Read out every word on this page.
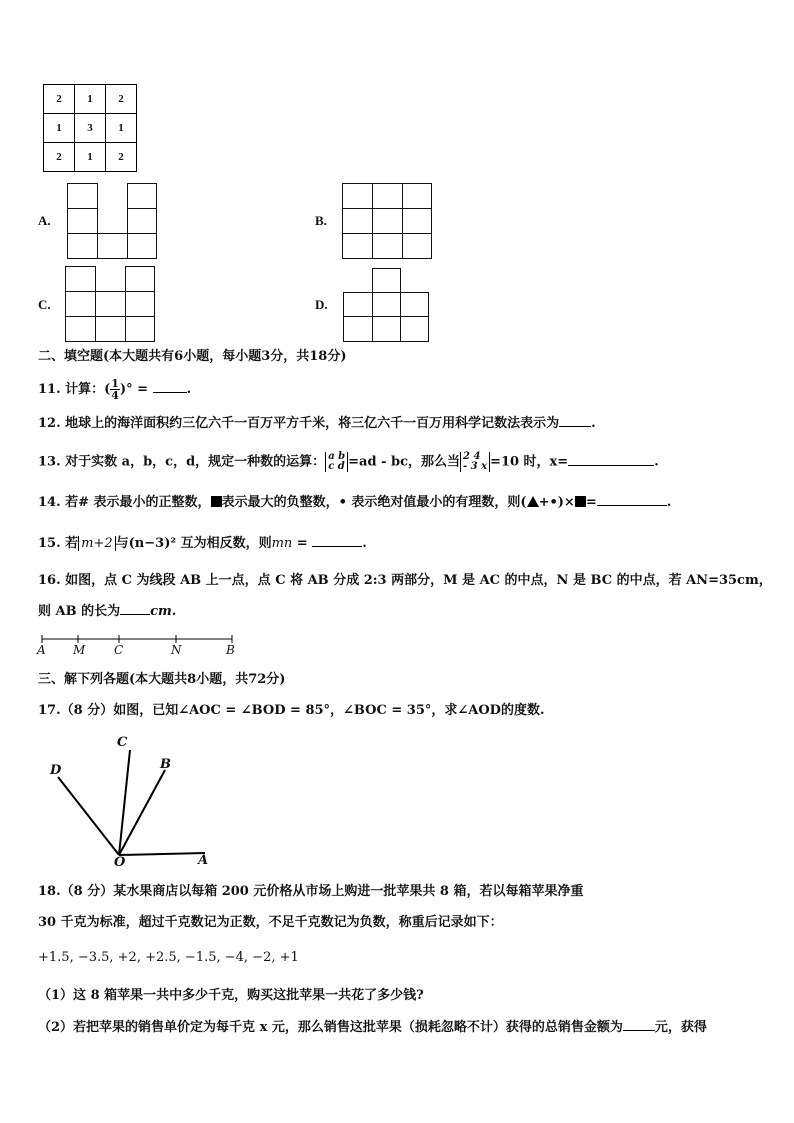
2	1	2
1	3	1
2	1	2
A.	B.
C.	D.
二、填空题(本大题共有6小题，每小题3分，共18分)
11. 计算：( $\frac{1}{4}$ )° =	.
12. 地球上的海洋面积约三亿六千一百万平方千米，将三亿六千一百万用科学记数法表示为 .
13. 对于实数 a，b，c，d，规定一种数的运算： a b
c d =ad - bc，那么当 2 4
- 3 x =10 时，x=	.
14. 若# 表示最小的正整数， 表示最大的负整数，• 表示绝对值最小的有理数，则( +•)× =	.
15. 若 m+2 与(n−3)² 互为相反数，则mn =	.
16. 如图，点 C 为线段 AB 上一点，点 C 将 AB 分成 2:3 两部分，M 是 AC 的中点，N 是 BC 的中点，若 AN=35cm，
则 AB 的长为 cm.
A M C	N	B
三、解下列各题(本大题共8小题，共72分)
17.（8 分）如图，已知∠AOC = ∠BOD = 85°，∠BOC = 35°，求∠AOD的度数.
C
B
D
O	A
18.（8 分）某水果商店以每箱 200 元价格从市场上购进一批苹果共 8 箱，若以每箱苹果净重
30 千克为标准，超过千克数记为正数，不足千克数记为负数，称重后记录如下：
+1.5, −3.5, +2, +2.5, −1.5, −4, −2, +1
（1）这 8 箱苹果一共中多少千克，购买这批苹果一共花了多少钱?
（2）若把苹果的销售单价定为每千克 x 元，那么销售这批苹果（损耗忽略不计）获得的总销售金额为 元，获得
